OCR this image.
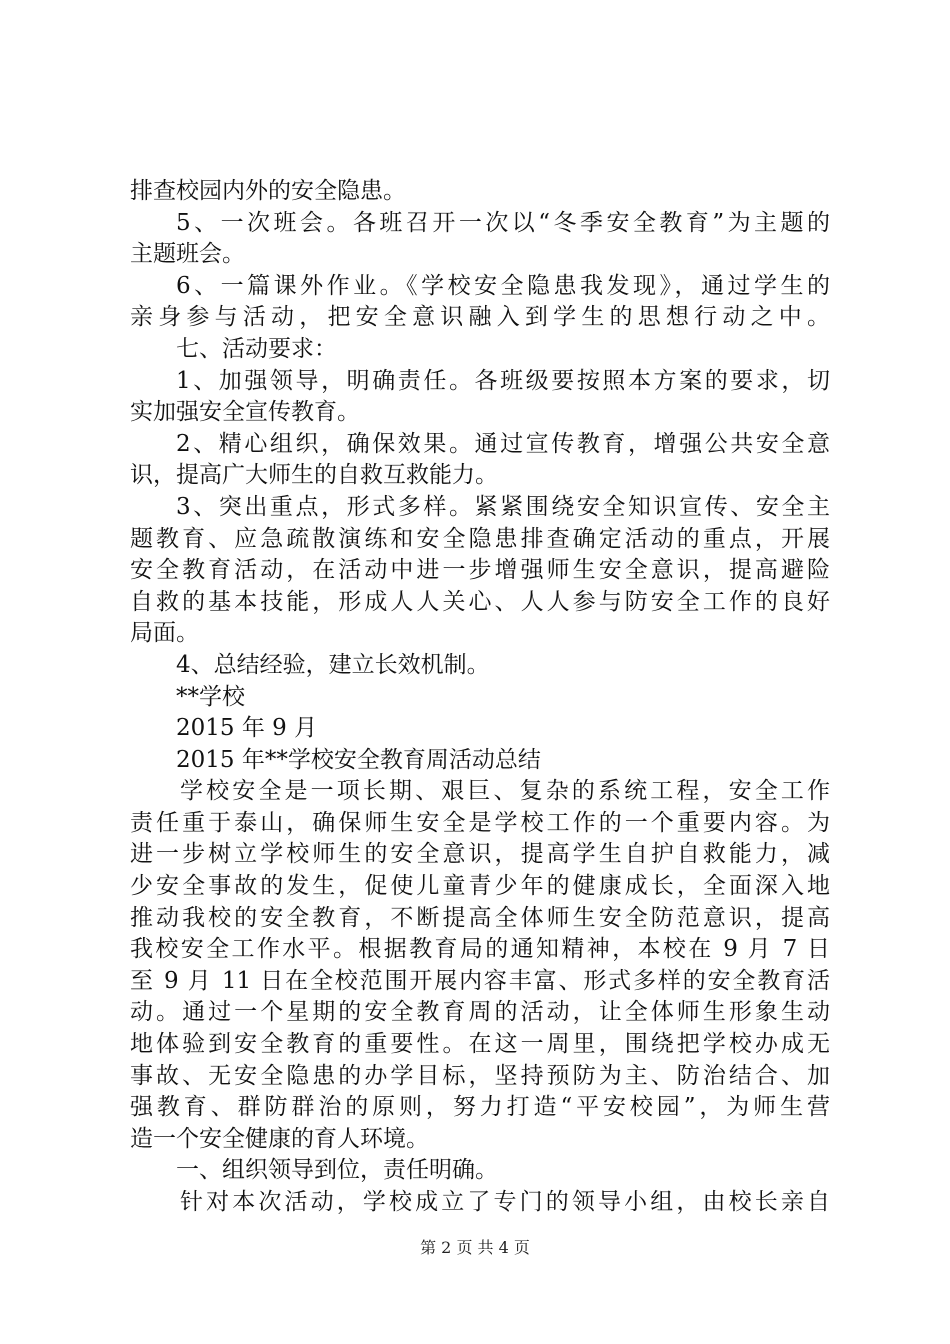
排查校园内外的安全隐患。
5、一次班会。各班召开一次以“冬季安全教育”为主题的
主题班会。
6、一篇课外作业。《学校安全隐患我发现》，通过学生的
亲身参与活动，把安全意识融入到学生的思想行动之中。
七、活动要求：
1、加强领导，明确责任。各班级要按照本方案的要求，切
实加强安全宣传教育。
2、精心组织，确保效果。通过宣传教育，增强公共安全意
识，提高广大师生的自救互救能力。
3、突出重点，形式多样。紧紧围绕安全知识宣传、安全主
题教育、应急疏散演练和安全隐患排查确定活动的重点，开展
安全教育活动，在活动中进一步增强师生安全意识，提高避险
自救的基本技能，形成人人关心、人人参与防安全工作的良好
局面。
4、总结经验，建立长效机制。
**学校
2015 年 9 月
2015 年**学校安全教育周活动总结
学校安全是一项长期、艰巨、复杂的系统工程，安全工作
责任重于泰山，确保师生安全是学校工作的一个重要内容。为
进一步树立学校师生的安全意识，提高学生自护自救能力，减
少安全事故的发生，促使儿童青少年的健康成长，全面深入地
推动我校的安全教育，不断提高全体师生安全防范意识，提高
我校安全工作水平。根据教育局的通知精神，本校在 9 月 7 日
至 9 月 11 日在全校范围开展内容丰富、形式多样的安全教育活
动。通过一个星期的安全教育周的活动，让全体师生形象生动
地体验到安全教育的重要性。在这一周里，围绕把学校办成无
事故、无安全隐患的办学目标，坚持预防为主、防治结合、加
强教育、群防群治的原则，努力打造“平安校园”，为师生营
造一个安全健康的育人环境。
一、组织领导到位，责任明确。
针对本次活动，学校成立了专门的领导小组，由校长亲自
第 2 页 共 4 页
